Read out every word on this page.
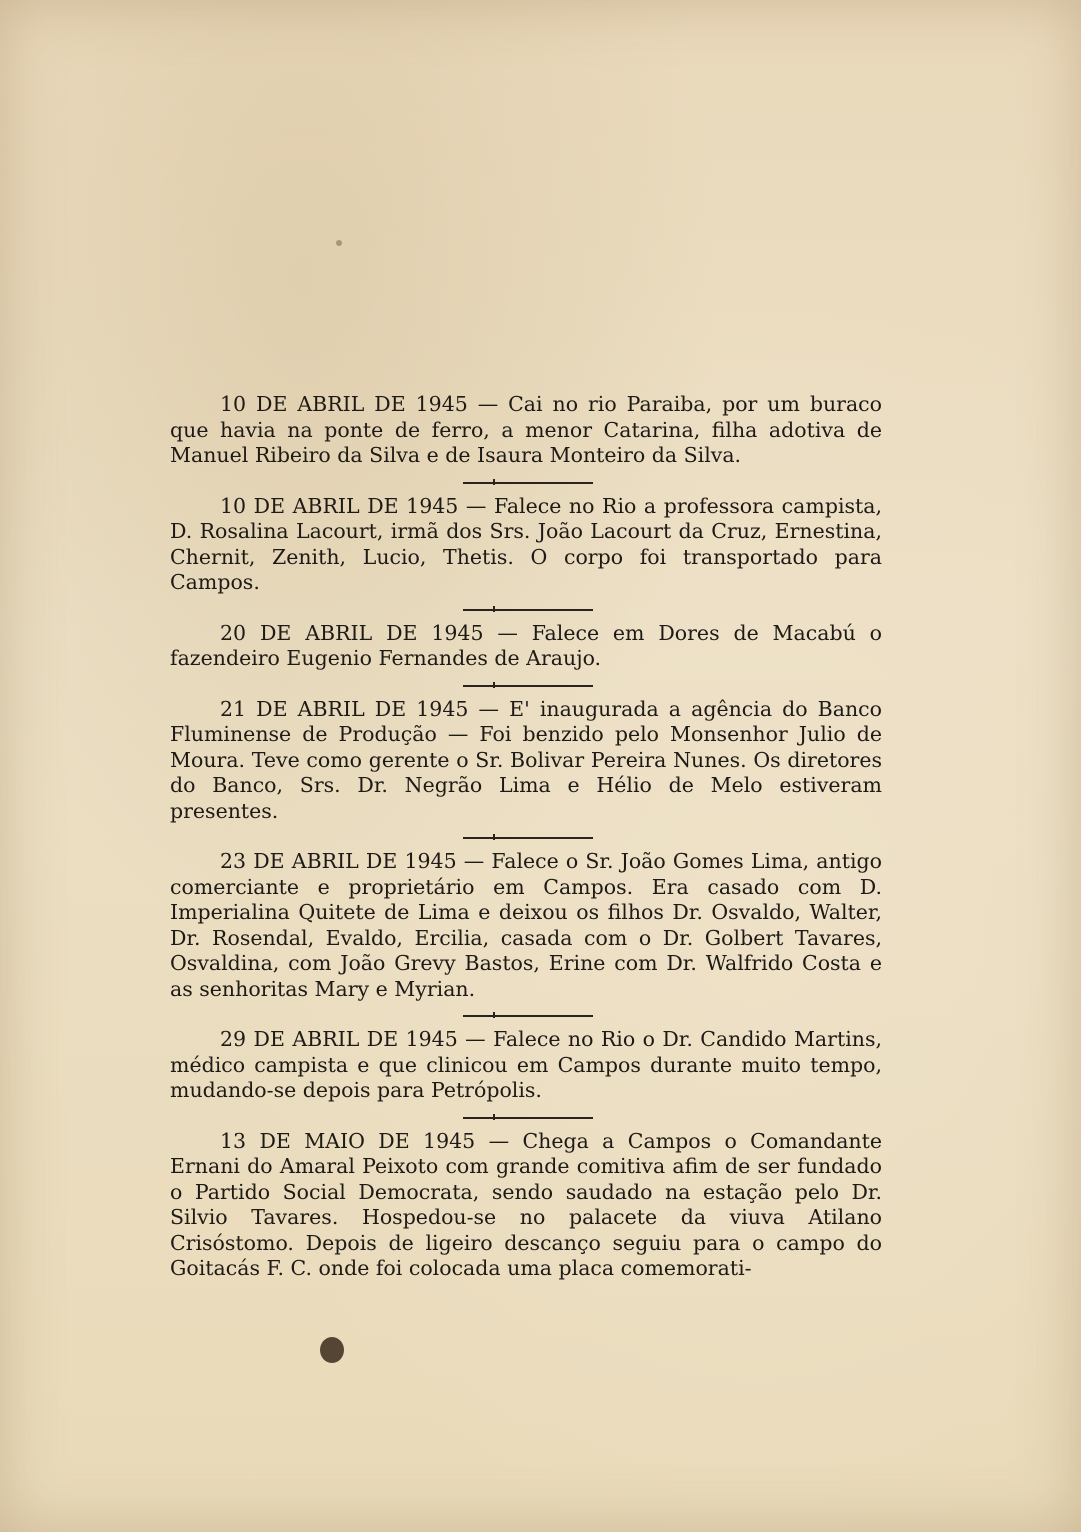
10 DE ABRIL DE 1945 — Cai no rio Paraiba, por um buraco que havia na ponte de ferro, a menor Catarina, filha adotiva de Manuel Ribeiro da Silva e de Isaura Monteiro da Silva.

10 DE ABRIL DE 1945 — Falece no Rio a professora campista, D. Rosalina Lacourt, irmã dos Srs. João Lacourt da Cruz, Ernestina, Chernit, Zenith, Lucio, Thetis. O corpo foi transportado para Campos.

20 DE ABRIL DE 1945 — Falece em Dores de Macabú o fazendeiro Eugenio Fernandes de Araujo.

21 DE ABRIL DE 1945 — E' inaugurada a agência do Banco Fluminense de Produção — Foi benzido pelo Monsenhor Julio de Moura. Teve como gerente o Sr. Bolivar Pereira Nunes. Os diretores do Banco, Srs. Dr. Negrão Lima e Hélio de Melo estiveram presentes.

23 DE ABRIL DE 1945 — Falece o Sr. João Gomes Lima, antigo comerciante e proprietário em Campos. Era casado com D. Imperialina Quitete de Lima e deixou os filhos Dr. Osvaldo, Walter, Dr. Rosendal, Evaldo, Ercilia, casada com o Dr. Golbert Tavares, Osvaldina, com João Grevy Bastos, Erine com Dr. Walfrido Costa e as senhoritas Mary e Myrian.

29 DE ABRIL DE 1945 — Falece no Rio o Dr. Candido Martins, médico campista e que clinicou em Campos durante muito tempo, mudando-se depois para Petrópolis.

13 DE MAIO DE 1945 — Chega a Campos o Comandante Ernani do Amaral Peixoto com grande comitiva afim de ser fundado o Partido Social Democrata, sendo saudado na estação pelo Dr. Silvio Tavares. Hospedou-se no palacete da viuva Atilano Crisóstomo. Depois de ligeiro descanço seguiu para o campo do Goitacás F. C. onde foi colocada uma placa comemorati-
